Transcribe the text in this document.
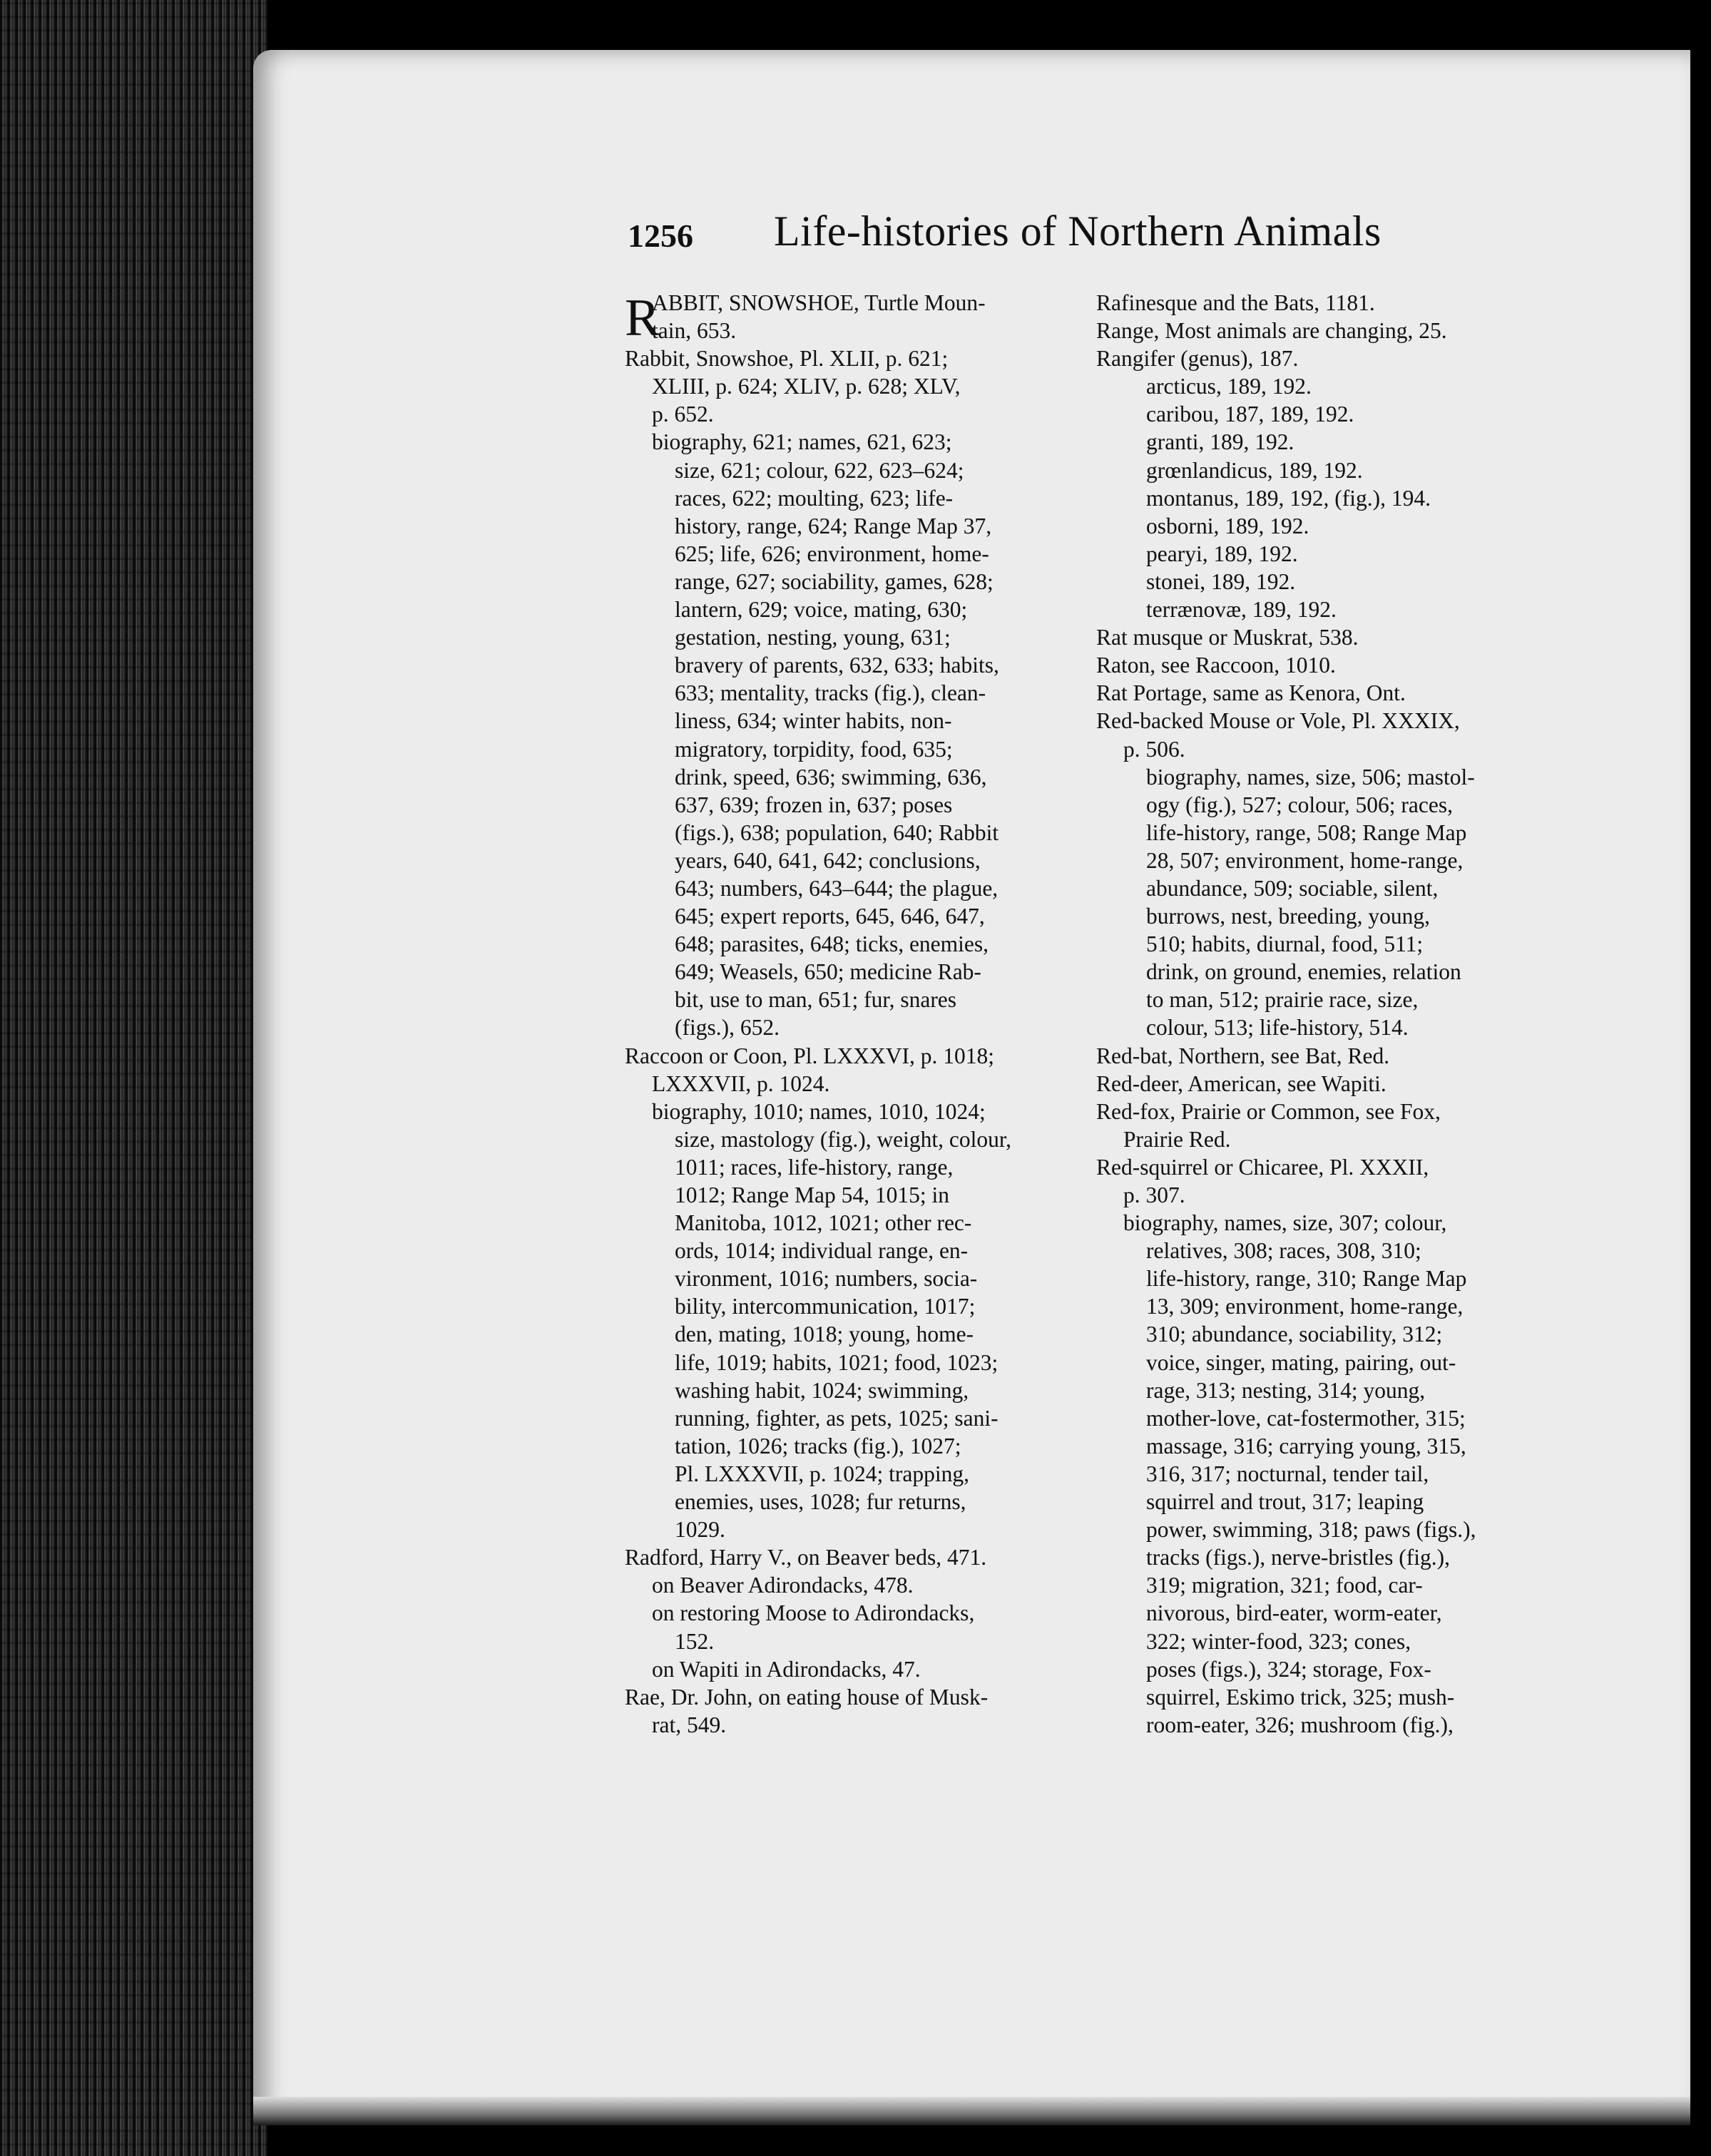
1256 Life-histories of Northern Animals
R
ABBIT, SNOWSHOE, Turtle Moun-
tain, 653.
Rabbit, Snowshoe, Pl. XLII, p. 621;
XLIII, p. 624; XLIV, p. 628; XLV,
p. 652.
biography, 621; names, 621, 623;
size, 621; colour, 622, 623–624;
races, 622; moulting, 623; life-
history, range, 624; Range Map 37,
625; life, 626; environment, home-
range, 627; sociability, games, 628;
lantern, 629; voice, mating, 630;
gestation, nesting, young, 631;
bravery of parents, 632, 633; habits,
633; mentality, tracks (fig.), clean-
liness, 634; winter habits, non-
migratory, torpidity, food, 635;
drink, speed, 636; swimming, 636,
637, 639; frozen in, 637; poses
(figs.), 638; population, 640; Rabbit
years, 640, 641, 642; conclusions,
643; numbers, 643–644; the plague,
645; expert reports, 645, 646, 647,
648; parasites, 648; ticks, enemies,
649; Weasels, 650; medicine Rab-
bit, use to man, 651; fur, snares
(figs.), 652.
Raccoon or Coon, Pl. LXXXVI, p. 1018;
LXXXVII, p. 1024.
biography, 1010; names, 1010, 1024;
size, mastology (fig.), weight, colour,
1011; races, life-history, range,
1012; Range Map 54, 1015; in
Manitoba, 1012, 1021; other rec-
ords, 1014; individual range, en-
vironment, 1016; numbers, socia-
bility, intercommunication, 1017;
den, mating, 1018; young, home-
life, 1019; habits, 1021; food, 1023;
washing habit, 1024; swimming,
running, fighter, as pets, 1025; sani-
tation, 1026; tracks (fig.), 1027;
Pl. LXXXVII, p. 1024; trapping,
enemies, uses, 1028; fur returns,
1029.
Radford, Harry V., on Beaver beds, 471.
on Beaver Adirondacks, 478.
on restoring Moose to Adirondacks,
152.
on Wapiti in Adirondacks, 47.
Rae, Dr. John, on eating house of Musk-
rat, 549.
Rafinesque and the Bats, 1181.
Range, Most animals are changing, 25.
Rangifer (genus), 187.
arcticus, 189, 192.
caribou, 187, 189, 192.
granti, 189, 192.
grœnlandicus, 189, 192.
montanus, 189, 192, (fig.), 194.
osborni, 189, 192.
pearyi, 189, 192.
stonei, 189, 192.
terrænovæ, 189, 192.
Rat musque or Muskrat, 538.
Raton, see Raccoon, 1010.
Rat Portage, same as Kenora, Ont.
Red-backed Mouse or Vole, Pl. XXXIX,
p. 506.
biography, names, size, 506; mastol-
ogy (fig.), 527; colour, 506; races,
life-history, range, 508; Range Map
28, 507; environment, home-range,
abundance, 509; sociable, silent,
burrows, nest, breeding, young,
510; habits, diurnal, food, 511;
drink, on ground, enemies, relation
to man, 512; prairie race, size,
colour, 513; life-history, 514.
Red-bat, Northern, see Bat, Red.
Red-deer, American, see Wapiti.
Red-fox, Prairie or Common, see Fox,
Prairie Red.
Red-squirrel or Chicaree, Pl. XXXII,
p. 307.
biography, names, size, 307; colour,
relatives, 308; races, 308, 310;
life-history, range, 310; Range Map
13, 309; environment, home-range,
310; abundance, sociability, 312;
voice, singer, mating, pairing, out-
rage, 313; nesting, 314; young,
mother-love, cat-fostermother, 315;
massage, 316; carrying young, 315,
316, 317; nocturnal, tender tail,
squirrel and trout, 317; leaping
power, swimming, 318; paws (figs.),
tracks (figs.), nerve-bristles (fig.),
319; migration, 321; food, car-
nivorous, bird-eater, worm-eater,
322; winter-food, 323; cones,
poses (figs.), 324; storage, Fox-
squirrel, Eskimo trick, 325; mush-
room-eater, 326; mushroom (fig.),
